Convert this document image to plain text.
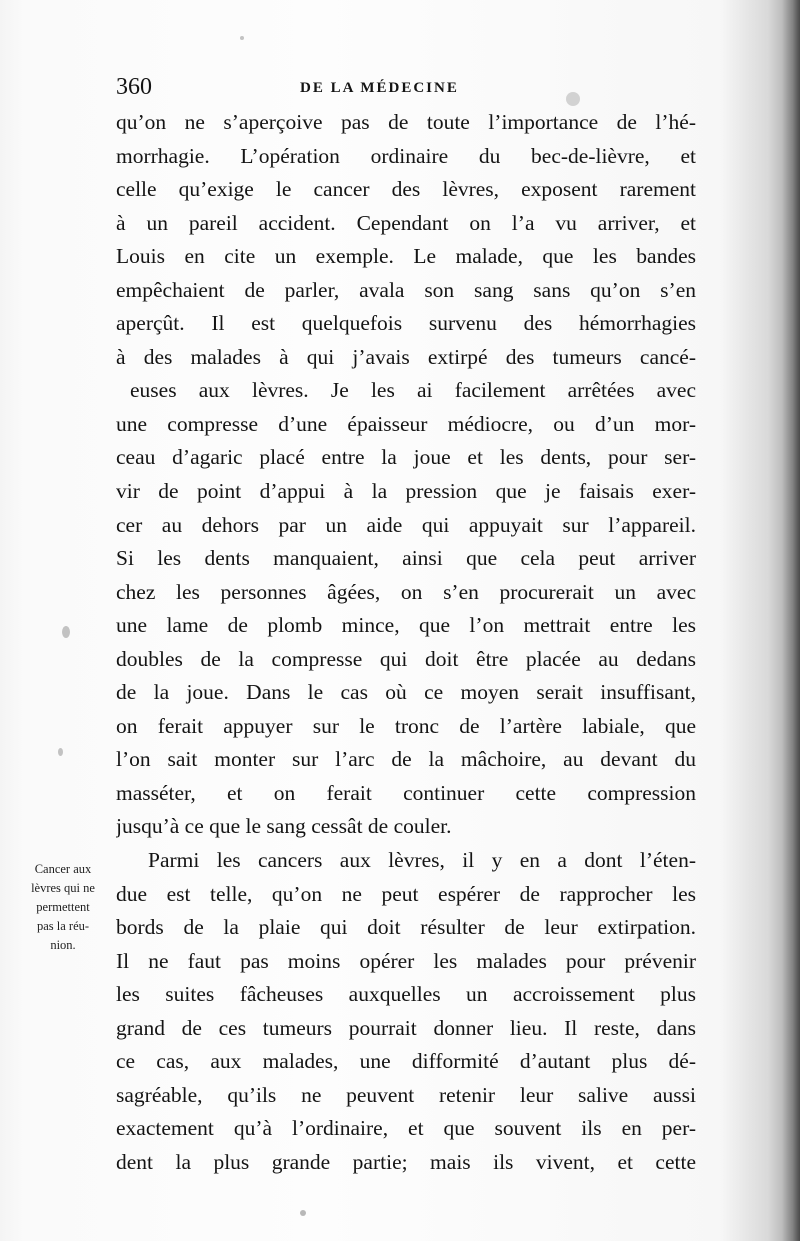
360	DE LA MÉDECINE
qu’on ne s’aperçoive pas de toute l’importance de l’hé-
morrhagie. L’opération ordinaire du bec-de-lièvre, et
celle qu’exige le cancer des lèvres, exposent rarement
à un pareil accident. Cependant on l’a vu arriver, et
Louis en cite un exemple. Le malade, que les bandes
empêchaient de parler, avala son sang sans qu’on s’en
aperçût. Il est quelquefois survenu des hémorrhagies
à des malades à qui j’avais extirpé des tumeurs cancé-
euses aux lèvres. Je les ai facilement arrêtées avec
une compresse d’une épaisseur médiocre, ou d’un mor-
ceau d’agaric placé entre la joue et les dents, pour ser-
vir de point d’appui à la pression que je faisais exer-
cer au dehors par un aide qui appuyait sur l’appareil.
Si les dents manquaient, ainsi que cela peut arriver
chez les personnes âgées, on s’en procurerait un avec
une lame de plomb mince, que l’on mettrait entre les
doubles de la compresse qui doit être placée au dedans
de la joue. Dans le cas où ce moyen serait insuffisant,
on ferait appuyer sur le tronc de l’artère labiale, que
l’on sait monter sur l’arc de la mâchoire, au devant du
masséter, et on ferait continuer cette compression
jusqu’à ce que le sang cessât de couler.
Parmi les cancers aux lèvres, il y en a dont l’éten-
due est telle, qu’on ne peut espérer de rapprocher les
bords de la plaie qui doit résulter de leur extirpation.
Il ne faut pas moins opérer les malades pour prévenir
les suites fâcheuses auxquelles un accroissement plus
grand de ces tumeurs pourrait donner lieu. Il reste, dans
ce cas, aux malades, une difformité d’autant plus dé-
sagréable, qu’ils ne peuvent retenir leur salive aussi
exactement qu’à l’ordinaire, et que souvent ils en per-
dent la plus grande partie; mais ils vivent, et cette
Cancer aux
lèvres qui ne
permettent
pas la réu-
nion.
